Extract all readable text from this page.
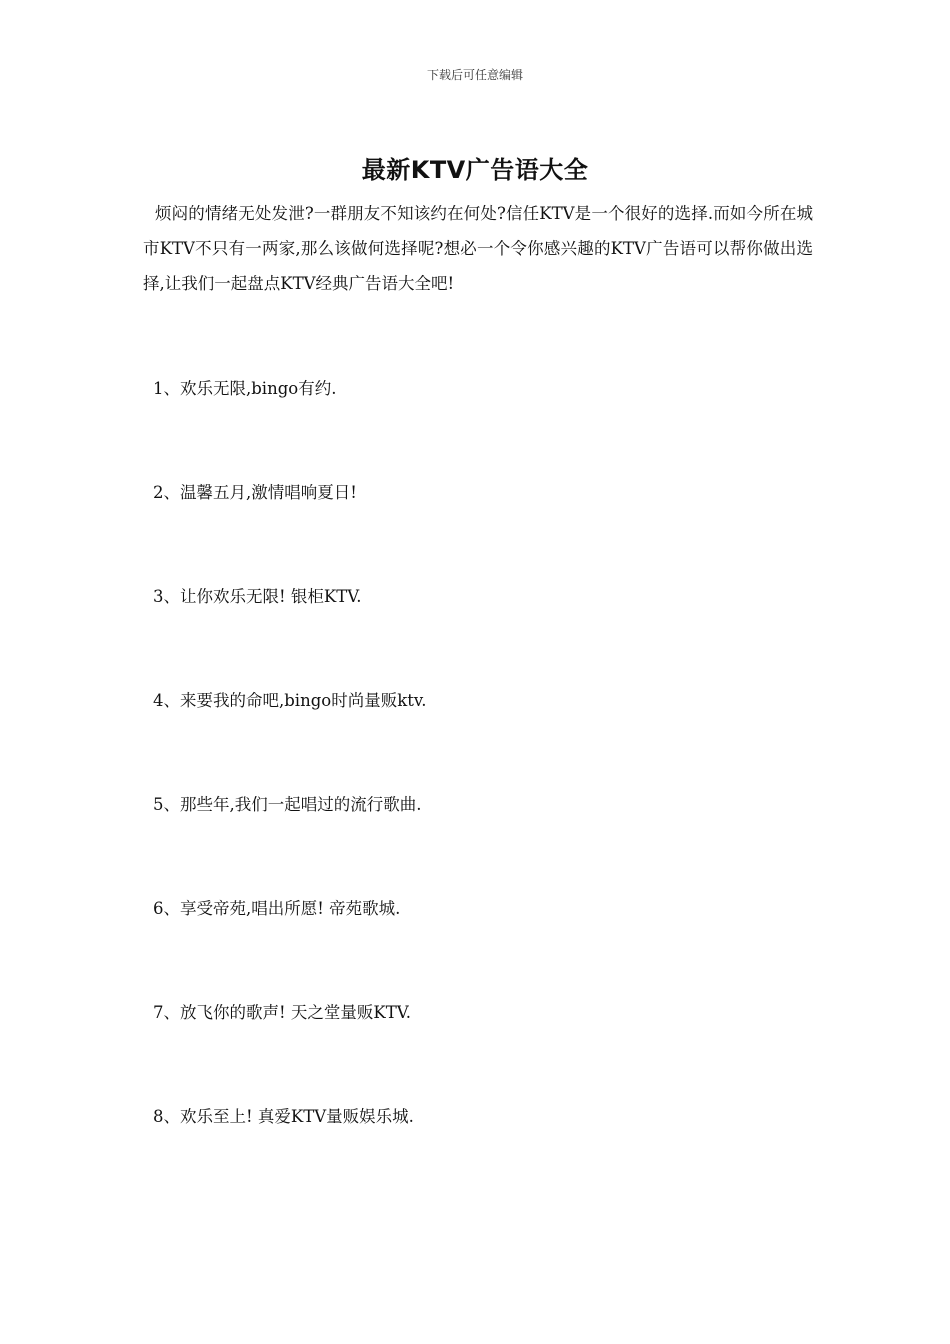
下载后可任意编辑
最新KTV广告语大全
烦闷的情绪无处发泄?一群朋友不知该约在何处?信任KTV是一个很好的选择.而如今所在城市KTV不只有一两家,那么该做何选择呢?想必一个令你感兴趣的KTV广告语可以帮你做出选择,让我们一起盘点KTV经典广告语大全吧!
1、欢乐无限,bingo有约.
2、温馨五月,激情唱响夏日!
3、让你欢乐无限! 银柜KTV.
4、来要我的命吧,bingo时尚量贩ktv.
5、那些年,我们一起唱过的流行歌曲.
6、享受帝苑,唱出所愿! 帝苑歌城.
7、放飞你的歌声! 天之堂量贩KTV.
8、欢乐至上! 真爱KTV量贩娱乐城.
